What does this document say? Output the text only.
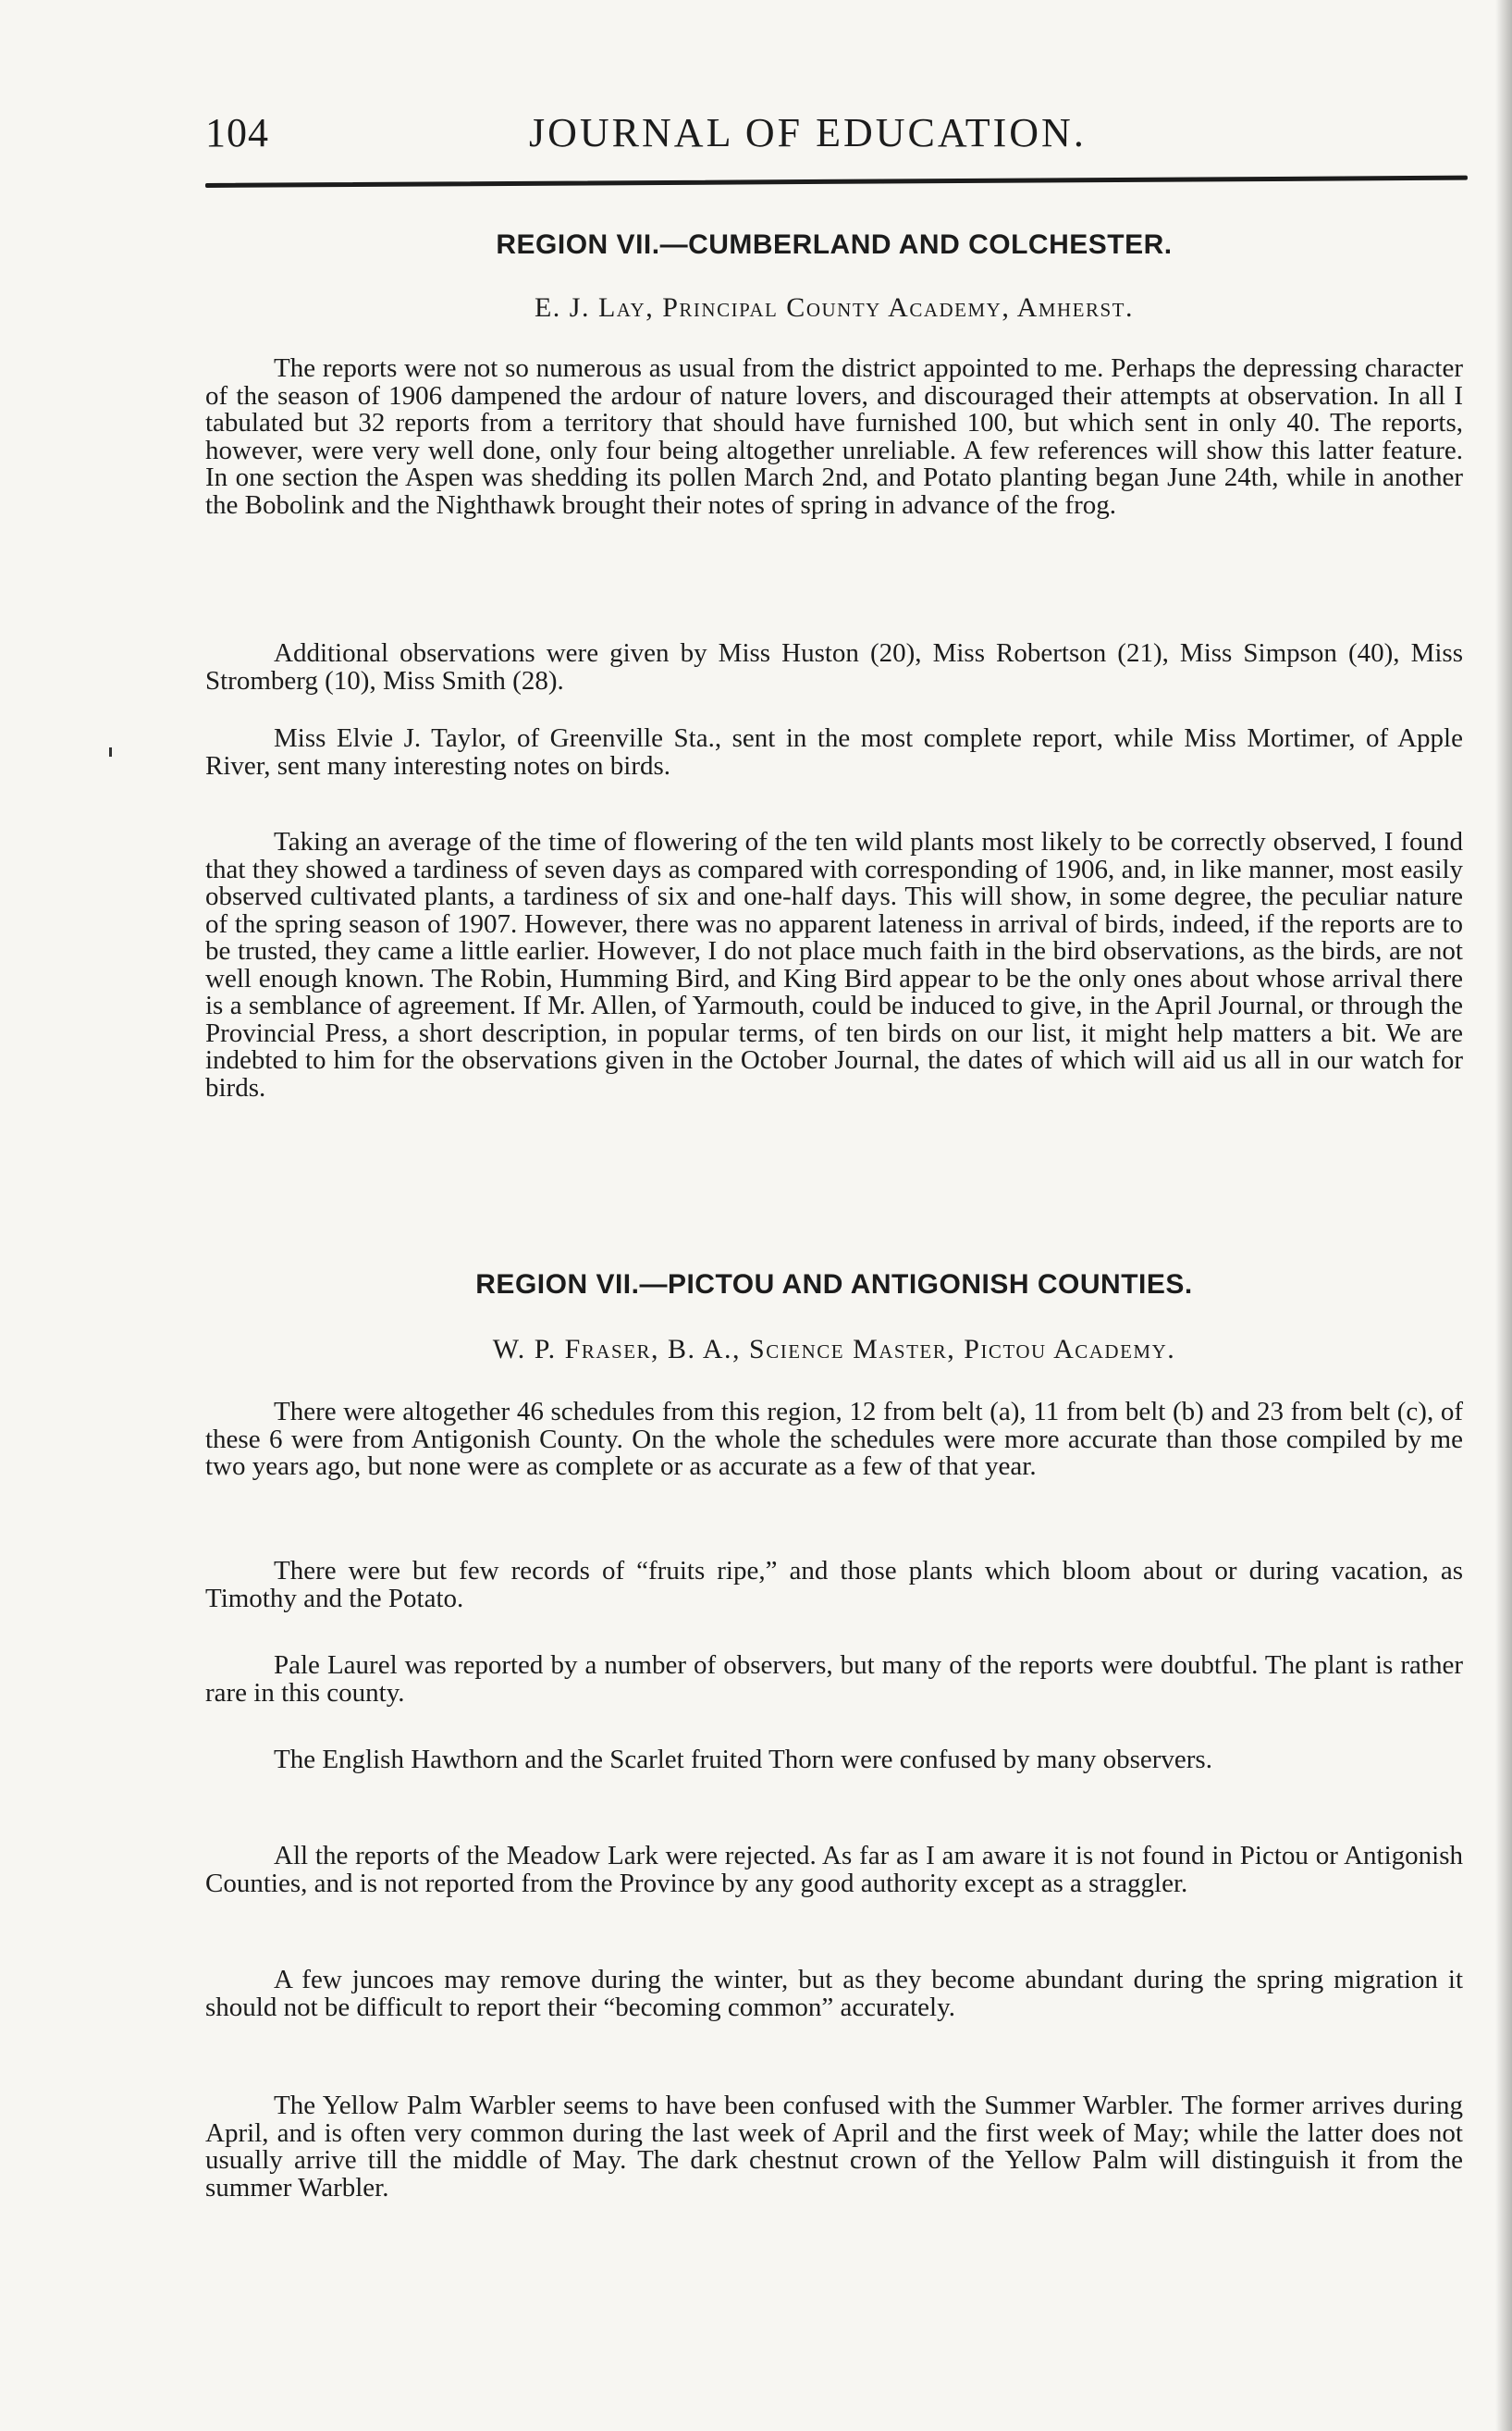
104	JOURNAL OF EDUCATION.
REGION VII.—CUMBERLAND AND COLCHESTER.
E. J. Lay, Principal County Academy, Amherst.

The reports were not so numerous as usual from the district appointed to me. Perhaps the depressing character of the season of 1906 dampened the ardour of nature lovers, and discouraged their attempts at observation. In all I tabulated but 32 reports from a territory that should have furnished 100, but which sent in only 40. The reports, however, were very well done, only four being altogether unreliable. A few references will show this latter feature. In one section the Aspen was shedding its pollen March 2nd, and Potato planting began June 24th, while in another the Bobolink and the Nighthawk brought their notes of spring in advance of the frog.

Additional observations were given by Miss Huston (20), Miss Robertson (21), Miss Simpson (40), Miss Stromberg (10), Miss Smith (28).

Miss Elvie J. Taylor, of Greenville Sta., sent in the most complete report, while Miss Mortimer, of Apple River, sent many interesting notes on birds.

Taking an average of the time of flowering of the ten wild plants most likely to be correctly observed, I found that they showed a tardiness of seven days as compared with corresponding of 1906, and, in like manner, most easily observed cultivated plants, a tardiness of six and one-half days. This will show, in some degree, the peculiar nature of the spring season of 1907. However, there was no apparent lateness in arrival of birds, indeed, if the reports are to be trusted, they came a little earlier. However, I do not place much faith in the bird observations, as the birds, are not well enough known. The Robin, Humming Bird, and King Bird appear to be the only ones about whose arrival there is a semblance of agreement. If Mr. Allen, of Yarmouth, could be induced to give, in the April Journal, or through the Provincial Press, a short description, in popular terms, of ten birds on our list, it might help matters a bit. We are indebted to him for the observations given in the October Journal, the dates of which will aid us all in our watch for birds.

REGION VII.—PICTOU AND ANTIGONISH COUNTIES.
W. P. Fraser, B. A., Science Master, Pictou Academy.

There were altogether 46 schedules from this region, 12 from belt (a), 11 from belt (b) and 23 from belt (c), of these 6 were from Antigonish County. On the whole the schedules were more accurate than those compiled by me two years ago, but none were as complete or as accurate as a few of that year.

There were but few records of “fruits ripe,” and those plants which bloom about or during vacation, as Timothy and the Potato.

Pale Laurel was reported by a number of observers, but many of the reports were doubtful. The plant is rather rare in this county.

The English Hawthorn and the Scarlet fruited Thorn were confused by many observers.

All the reports of the Meadow Lark were rejected. As far as I am aware it is not found in Pictou or Antigonish Counties, and is not reported from the Province by any good authority except as a straggler.

A few juncoes may remove during the winter, but as they become abundant during the spring migration it should not be difficult to report their “becoming common” accurately.

The Yellow Palm Warbler seems to have been confused with the Summer Warbler. The former arrives during April, and is often very common during the last week of April and the first week of May; while the latter does not usually arrive till the middle of May. The dark chestnut crown of the Yellow Palm will distinguish it from the summer Warbler.
